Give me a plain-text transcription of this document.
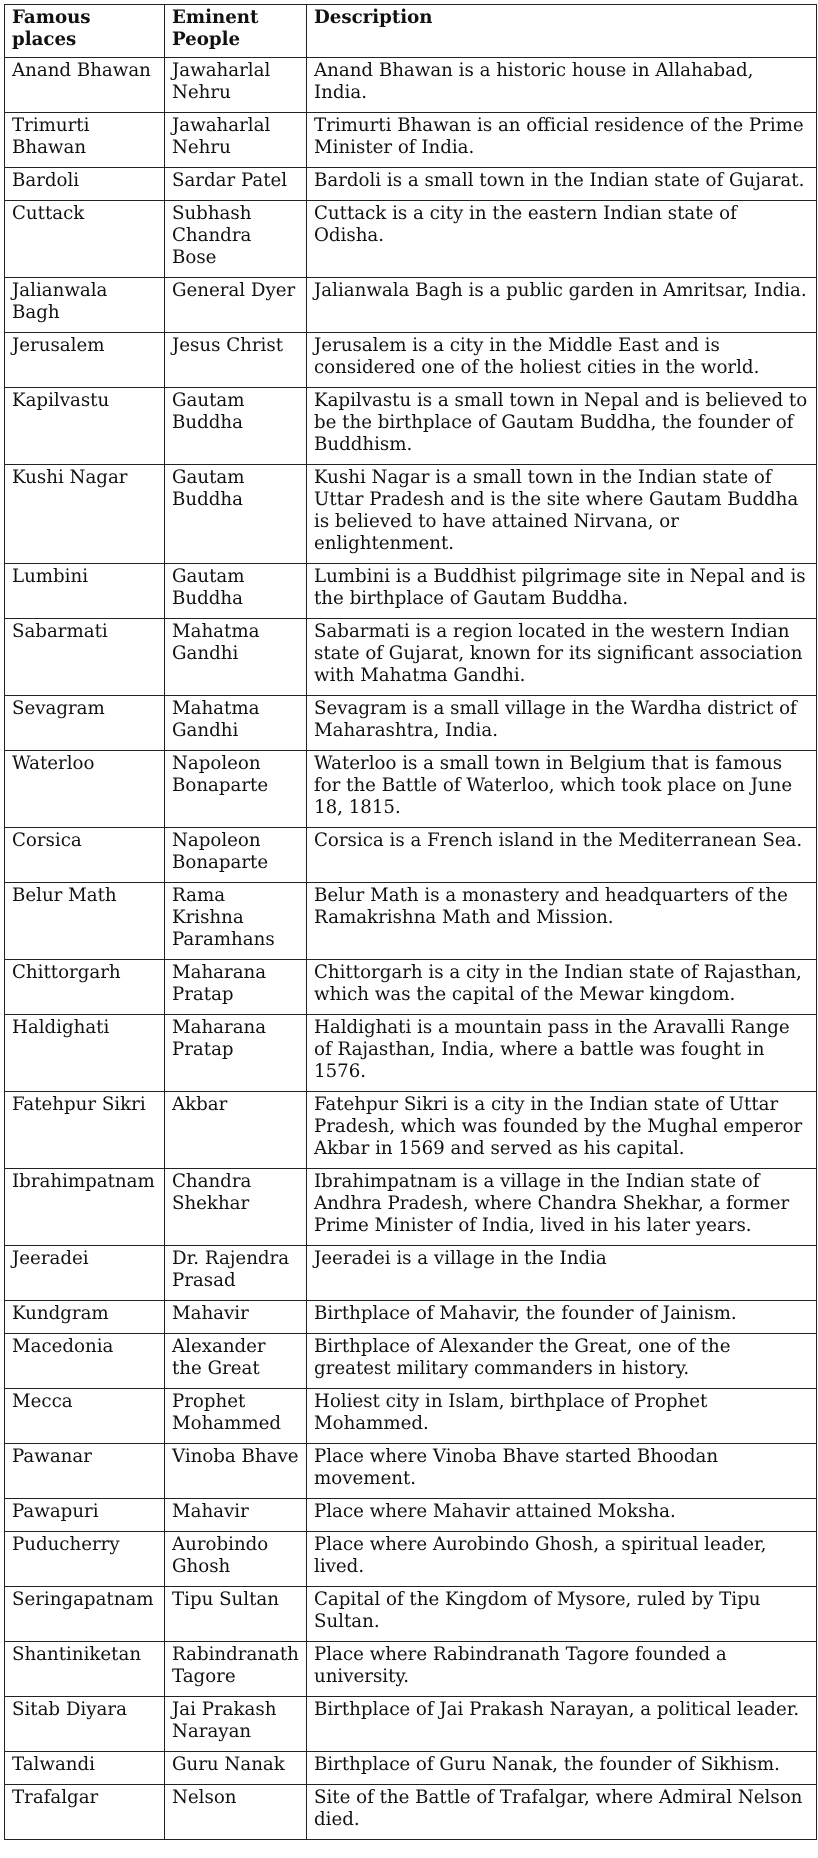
Famous places	Eminent People	Description
Anand Bhawan	Jawaharlal Nehru	Anand Bhawan is a historic house in Allahabad, India.
Trimurti Bhawan	Jawaharlal Nehru	Trimurti Bhawan is an official residence of the Prime Minister of India.
Bardoli	Sardar Patel	Bardoli is a small town in the Indian state of Gujarat.
Cuttack	Subhash Chandra Bose	Cuttack is a city in the eastern Indian state of Odisha.
Jalianwala Bagh	General Dyer	Jalianwala Bagh is a public garden in Amritsar, India.
Jerusalem	Jesus Christ	Jerusalem is a city in the Middle East and is considered one of the holiest cities in the world.
Kapilvastu	Gautam Buddha	Kapilvastu is a small town in Nepal and is believed to be the birthplace of Gautam Buddha, the founder of Buddhism.
Kushi Nagar	Gautam Buddha	Kushi Nagar is a small town in the Indian state of Uttar Pradesh and is the site where Gautam Buddha is believed to have attained Nirvana, or enlightenment.
Lumbini	Gautam Buddha	Lumbini is a Buddhist pilgrimage site in Nepal and is the birthplace of Gautam Buddha.
Sabarmati	Mahatma Gandhi	Sabarmati is a region located in the western Indian state of Gujarat, known for its significant association with Mahatma Gandhi.
Sevagram	Mahatma Gandhi	Sevagram is a small village in the Wardha district of Maharashtra, India.
Waterloo	Napoleon Bonaparte	Waterloo is a small town in Belgium that is famous for the Battle of Waterloo, which took place on June 18, 1815.
Corsica	Napoleon Bonaparte	Corsica is a French island in the Mediterranean Sea.
Belur Math	Rama Krishna Paramhans	Belur Math is a monastery and headquarters of the Ramakrishna Math and Mission.
Chittorgarh	Maharana Pratap	Chittorgarh is a city in the Indian state of Rajasthan, which was the capital of the Mewar kingdom.
Haldighati	Maharana Pratap	Haldighati is a mountain pass in the Aravalli Range of Rajasthan, India, where a battle was fought in 1576.
Fatehpur Sikri	Akbar	Fatehpur Sikri is a city in the Indian state of Uttar Pradesh, which was founded by the Mughal emperor Akbar in 1569 and served as his capital.
Ibrahimpatnam	Chandra Shekhar	Ibrahimpatnam is a village in the Indian state of Andhra Pradesh, where Chandra Shekhar, a former Prime Minister of India, lived in his later years.
Jeeradei	Dr. Rajendra Prasad	Jeeradei is a village in the India
Kundgram	Mahavir	Birthplace of Mahavir, the founder of Jainism.
Macedonia	Alexander the Great	Birthplace of Alexander the Great, one of the greatest military commanders in history.
Mecca	Prophet Mohammed	Holiest city in Islam, birthplace of Prophet Mohammed.
Pawanar	Vinoba Bhave	Place where Vinoba Bhave started Bhoodan movement.
Pawapuri	Mahavir	Place where Mahavir attained Moksha.
Puducherry	Aurobindo Ghosh	Place where Aurobindo Ghosh, a spiritual leader, lived.
Seringapatnam	Tipu Sultan	Capital of the Kingdom of Mysore, ruled by Tipu Sultan.
Shantiniketan	Rabindranath Tagore	Place where Rabindranath Tagore founded a university.
Sitab Diyara	Jai Prakash Narayan	Birthplace of Jai Prakash Narayan, a political leader.
Talwandi	Guru Nanak	Birthplace of Guru Nanak, the founder of Sikhism.
Trafalgar	Nelson	Site of the Battle of Trafalgar, where Admiral Nelson died.
